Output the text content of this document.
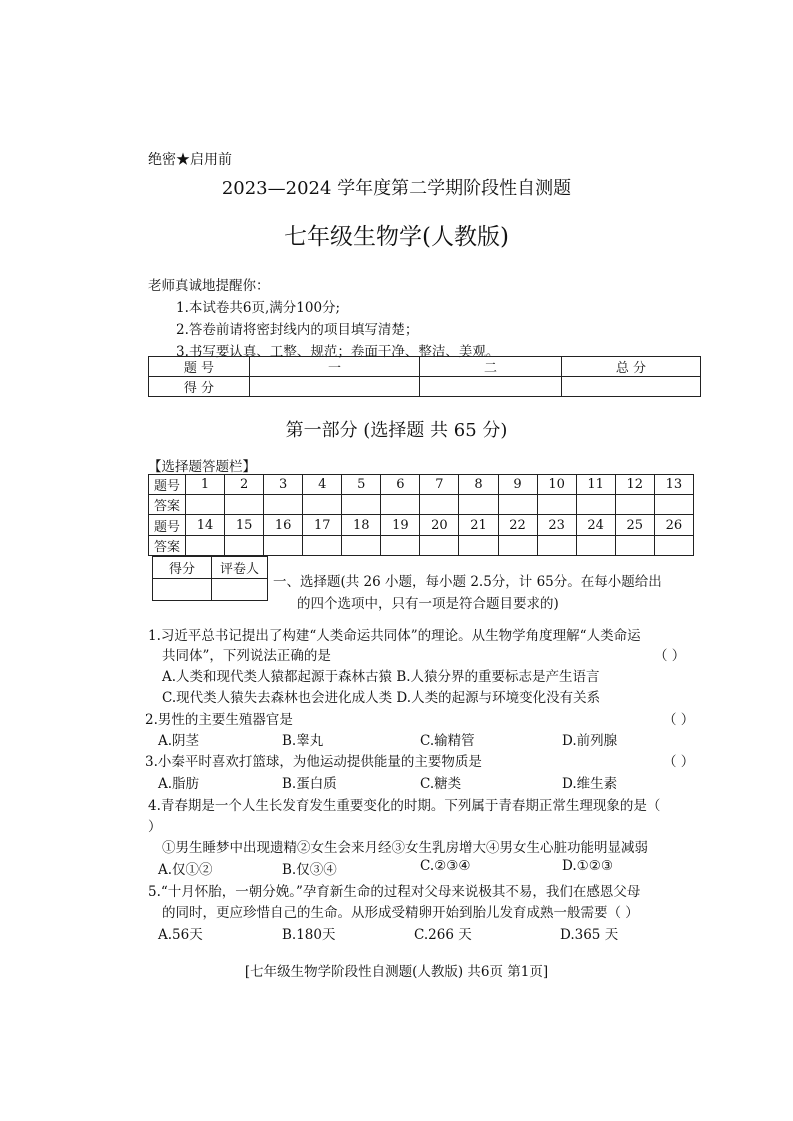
绝密★启用前
2023—2024 学年度第二学期阶段性自测题
七年级生物学(人教版)
老师真诚地提醒你：
1.本试卷共6页,满分100分;
2.答卷前请将密封线内的项目填写清楚；
3.书写要认真、工整、规范；卷面干净、整洁、美观。
题 号	一	二	总 分
得 分			
第一部分 (选择题 共 65 分)
【选择题答题栏】
题号	1	2	3	4	5	6	7	8	9	10	11	12	13
答案													
题号	14	15	16	17	18	19	20	21	22	23	24	25	26
答案													
得分	评卷人

一、选择题(共 26 小题，每小题 2.5分，计 65分。在每小题给出
的四个选项中，只有一项是符合题目要求的)
1.习近平总书记提出了构建“人类命运共同体”的理论。从生物学角度理解“人类命运
共同体”，下列说法正确的是	（ ）
A.人类和现代类人猿都起源于森林古猿 B.人猿分界的重要标志是产生语言
C.现代类人猿失去森林也会进化成人类 D.人类的起源与环境变化没有关系
2.男性的主要生殖器官是	（ ）
A.阴茎	B.睾丸	C.输精管	D.前列腺
3.小秦平时喜欢打篮球，为他运动提供能量的主要物质是	（ ）
A.脂肪	B.蛋白质	C.糖类	D.维生素
4.青春期是一个人生长发育发生重要变化的时期。下列属于青春期正常生理现象的是（
）
①男生睡梦中出现遗精②女生会来月经③女生乳房增大④男女生心脏功能明显减弱
A.仅①②	B.仅③④	C.②③④	D.①②③
5.“十月怀胎，一朝分娩。”孕育新生命的过程对父母来说极其不易，我们在感恩父母
的同时，更应珍惜自己的生命。从形成受精卵开始到胎儿发育成熟一般需要（ ）
A.56天	B.180天	C.266 天	D.365 天
[七年级生物学阶段性自测题(人教版) 共6页 第1页]
